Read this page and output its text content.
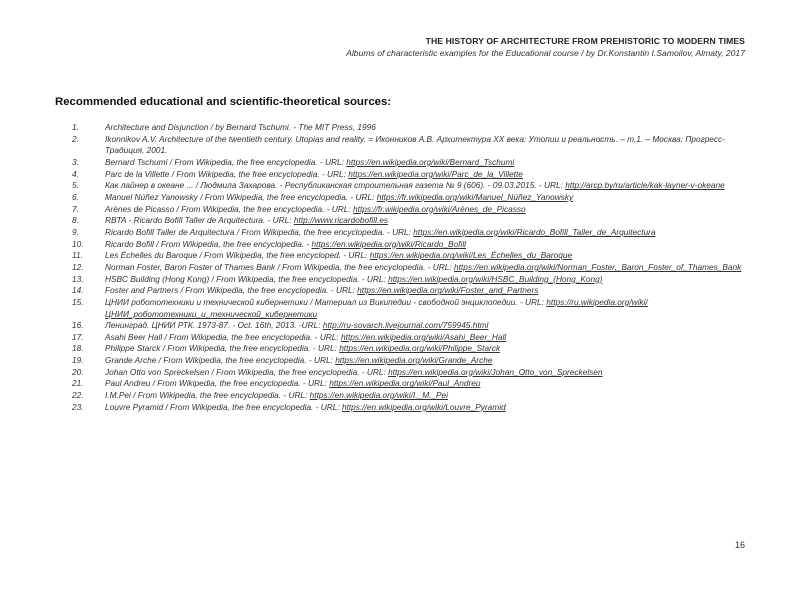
THE HISTORY OF ARCHITECTURE FROM PREHISTORIC TO MODERN TIMES
Albums of characteristic examples for the Educational course / by Dr.Konstantin I.Samoilov, Almaty, 2017
Recommended educational and scientific-theoretical sources:
1.	Architecture and Disjunction / by Bernard Tschumi. - The MIT Press, 1996
2.	Ikonnikov A.V. Architecture of the twentieth century. Utopias and reality. = Иконников А.В. Архитектура XX века: Утопии и реальность. – т.1. – Москва: Прогресс-Традиция, 2001.
3.	Bernard Tschumi / From Wikipedia, the free encyclopedia. - URL: https://en.wikipedia.org/wiki/Bernard_Tschumi
4.	Parc de la Villette / From Wikipedia, the free encyclopedia. - URL: https://en.wikipedia.org/wiki/Parc_de_la_Villette
5.	Как лайнер в океане ... / Людмила Захарова. - Республиканская строительная газета № 9 (606). - 09.03.2015. - URL: http://arcp.by/ru/article/kak-layner-v-okeane
6.	Manuel Núñez Yanowsky / From Wikipedia, the free encyclopedia. - URL: https://fr.wikipedia.org/wiki/Manuel_Núñez_Yanowsky
7.	Arènes de Picasso / From Wikipedia, the free encyclopedia. - URL: https://fr.wikipedia.org/wiki/Arènes_de_Picasso
8.	RBTA - Ricardo Bofill Taller de Arquitectura. - URL: http://www.ricardobofill.es
9.	Ricardo Bofill Taller de Arquitectura / From Wikipedia, the free encyclopedia. - URL: https://en.wikipedia.org/wiki/Ricardo_Bofill_Taller_de_Arquitectura
10.	Ricardo Bofill / From Wikipedia, the free encyclopedia. - https://en.wikipedia.org/wiki/Ricardo_Bofill
11.	Les Échelles du Baroque / From Wikipedia, the free encycloped. - URL: https://en.wikipedia.org/wiki/Les_Échelles_du_Baroque
12.	Norman Foster, Baron Foster of Thames Bank / From Wikipedia, the free encyclopedia. - URL: https://en.wikipedia.org/wiki/Norman_Foster,_Baron_Foster_of_Thames_Bank
13.	HSBC Building (Hong Kong) / From Wikipedia, the free encyclopedia. - URL: https://en.wikipedia.org/wiki/HSBC_Building_(Hong_Kong)
14.	Foster and Partners / From Wikipedia, the free encyclopedia. - URL: https://en.wikipedia.org/wiki/Foster_and_Partners
15.	ЦНИИ робототехники и технической кибернетики / Материал из Википедии - свободной энциклопедии. - URL: https://ru.wikipedia.org/wiki/ЦНИИ_робототехники_и_технической_кибернетики
16.	Ленинград. ЦНИИ РТК. 1973-87. - Oct. 16th, 2013. -URL: http://ru-sovarch.livejournal.com/759945.html
17.	Asahi Beer Hall / From Wikipedia, the free encyclopedia. - URL: https://en.wikipedia.org/wiki/Asahi_Beer_Hall
18.	Philippe Starck / From Wikipedia, the free encyclopedia. - URL: https://en.wikipedia.org/wiki/Philippe_Starck
19.	Grande Arche / From Wikipedia, the free encyclopedia. - URL: https://en.wikipedia.org/wiki/Grande_Arche
20.	Johan Otto von Spreckelsen / From Wikipedia, the free encyclopedia. - URL: https://en.wikipedia.org/wiki/Johan_Otto_von_Spreckelsen
21.	Paul Andreu / From Wikipedia, the free encyclopedia. - URL: https://en.wikipedia.org/wiki/Paul_Andreu
22.	I.M.Pei / From Wikipedia, the free encyclopedia. - URL: https://en.wikipedia.org/wiki/I._M._Pei
23.	Louvre Pyramid / From Wikipedia, the free encyclopedia. - URL: https://en.wikipedia.org/wiki/Louvre_Pyramid
16
